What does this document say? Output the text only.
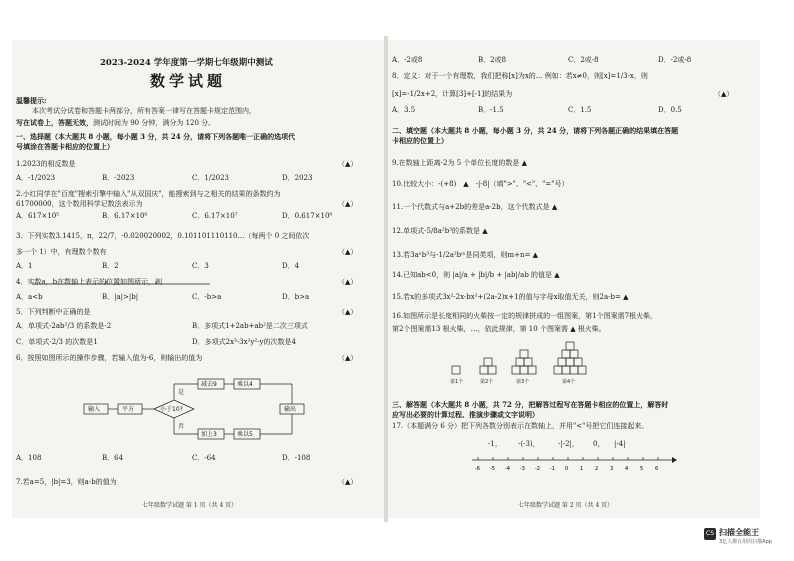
2023-2024 学年度第一学期七年级期中测试
数学试题
温馨提示:
本次考试分试卷和答题卡两部分，所有答案一律写在答题卡规定范围内，
写在试卷上，答题无效，测试时间为 90 分钟，满分为 120 分。
一、选择题（本大题共 8 小题，每小题 3 分，共 24 分，请将下列各题唯一正确的选项代
号填涂在答题卡相应的位置上）
1.2023的相反数是	（▲）
A．-1/2023	B．-2023	C．1/2023	D．2023
2.小红同学在"百度"搜索引擎中输入"从双国庆"，能搜索到与之相关的结果的条数约为
61700000，这个数用科学记数法表示为	（▲）
A．617×10⁵	B．6.17×10⁶	C．6.17×10⁷	D．0.617×10⁸
3．下列实数3.1415，π，22/7，-0.020020002，0.101101110110…（每两个 0 之间依次
多一个 1）中，有理数个数有	（▲）
A．1	B．2	C．3	D．4
4．实数a，b在数轴上表示的位置如图所示，则	（▲）
A．a<b	B．|a|>|b|	C．-b>a	D．b>a
5．下列判断中正确的是	（▲）
A．单项式-2ab²/3 的系数是-2	B．多项式1+2ab+ab²是二次三项式
C．单项式-2/3 的次数是1	D．多项式2x³-3x²y²-y的次数是4
6．按照如图所示的操作步骤，若输入值为-6，则输出的值为	（▲）
输入	平方	小于10?
是
减去9	乘以4
否
加上3	乘以5
输出
A．108	B．64	C．-64	D．-108
7.若a=5，|b|=3，则a-b的值为	（▲）
七年级数学试题 第 1 页（共 4 页）
A．-2或8	B．2或8	C．2或-8	D．-2或-8
8．定义：对于一个有理数，我们把称[x]为x的... 例如：若x≠0，则[x]=1/3-x，则
[x]=-1/2x+2，计算[3]+[-1]的结果为	（▲）
A．3.5	B．-1.5	C．1.5	D．0.5
二、填空题（本大题共 8 小题，每小题 3 分，共 24 分，请将下列各题正确的结果填在答题
卡相应的位置上）
9.在数轴上距离-2为 5 个单位长度的数是 ▲
10.比较大小：-(+8)　▲　-|-8|（填">"、"<"、"="号）
11.一个代数式与a+2b的差是a-2b，这个代数式是 ▲
12.单项式-5/8a²b³的系数是 ▲
13.若3aⁿb³与-1/2a²bᵐ是同类项，则m+n= ▲
14.已知ab<0，则 |a|/a + |b|/b + |ab|/ab 的值是 ▲
15.若x的多项式3x²-2x-bx²+(2a-2)x+1的值与字母x取值无关，则2a-b= ▲
16.如图所示是长度相同的火柴按一定的规律拼成的一组图案，第1个图案需7根火柴，
第2个图案需13 根火柴，…，依此规律，第 10 个图案需 ▲ 根火柴。
第1个	第2个	第3个	第4个
三、解答题（本大题共 8 小题，共 72 分，把解答过程写在答题卡相应的位置上，解答时
应写出必要的计算过程、推演步骤或文字说明）
17.（本题满分 6 分）把下列各数分别表示在数轴上，并用"<"号把它们连接起来。
-1， -(-3)，	-|-2|， 0， |-4|
-6 -5 -4 -3 -2 -1 0 1 2 3 4 5 6
七年级数学试题 第 2 页（共 4 页）
CS 扫描全能王
3亿人都在用的扫描App
